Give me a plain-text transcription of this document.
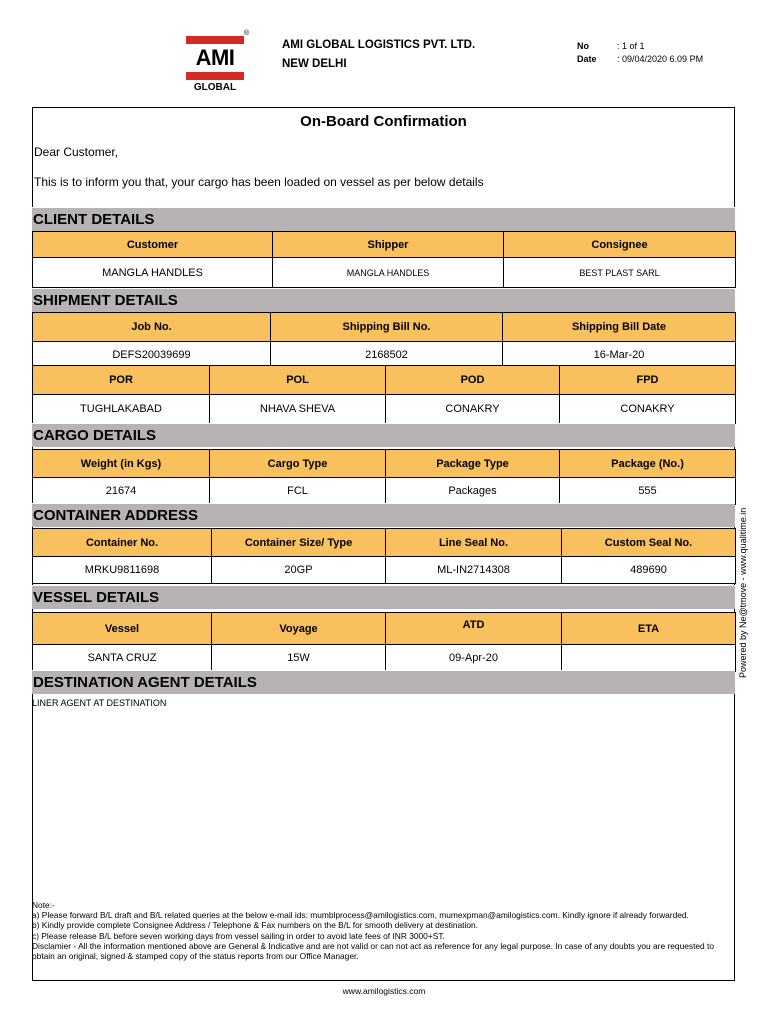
AMI
GLOBAL
®
AMI GLOBAL LOGISTICS PVT. LTD.
NEW DELHI
No	: 1 of 1
Date : 09/04/2020 6.09 PM
On-Board Confirmation
Dear Customer,
This is to inform you that, your cargo has been loaded on vessel as per below details
CLIENT DETAILS
Customer	Shipper	Consignee
MANGLA HANDLES	MANGLA HANDLES	BEST PLAST SARL
SHIPMENT DETAILS
Job No.	Shipping Bill No.	Shipping Bill Date
DEFS20039699	2168502	16-Mar-20
POR	POL	POD	FPD
TUGHLAKABAD	NHAVA SHEVA	CONAKRY	CONAKRY
CARGO DETAILS
Weight (in Kgs)	Cargo Type	Package Type	Package (No.)
21674	FCL	Packages	555
CONTAINER ADDRESS
Container No.	Container Size/ Type	Line Seal No.	Custom Seal No.
MRKU9811698	20GP	ML-IN2714308	489690
VESSEL DETAILS
Vessel	Voyage	ATD	ETA
SANTA CRUZ	15W	09-Apr-20	
DESTINATION AGENT DETAILS
LINER AGENT AT DESTINATION
Note:-
a) Please forward B/L draft and B/L related queries at the below e-mail ids: mumblprocess@amilogistics.com, mumexpman@amilogistics.com. Kindly ignore if already forwarded.
b) Kindly provide complete Consignee Address / Telephone & Fax numbers on the B/L for smooth delivery at destination.
c) Please release B/L before seven working days from vessel sailing in order to avoid late fees of INR 3000+ST.
Disclamier - All the information mentioned above are General & Indicative and are not valid or can not act as reference for any legal purpose. In case of any doubts you are requested to obtain an original, signed & stamped copy of the status reports from our Office Manager.
www.amilogistics.com
Powered by Ne@tmove - www.qualitime.in
